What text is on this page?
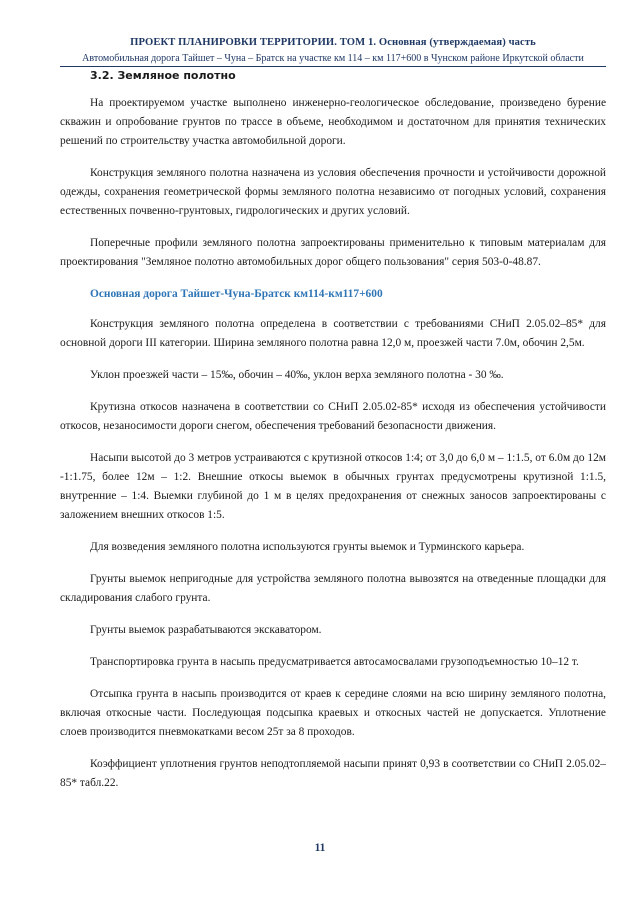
ПРОЕКТ ПЛАНИРОВКИ ТЕРРИТОРИИ. ТОМ 1. Основная (утверждаемая) часть
Автомобильная дорога Тайшет – Чуна – Братск на участке км 114 – км 117+600 в Чунском районе Иркутской области
3.2. Земляное полотно

На проектируемом участке выполнено инженерно-геологическое обследование, произведено бурение скважин и опробование грунтов по трассе в объеме, необходимом и достаточном для принятия технических решений по строительству участка автомобильной дороги.

Конструкция земляного полотна назначена из условия обеспечения прочности и устойчивости дорожной одежды, сохранения геометрической формы земляного полотна независимо от погодных условий, сохранения естественных почвенно-грунтовых, гидрологических и других условий.

Поперечные профили земляного полотна запроектированы применительно к типовым материалам для проектирования "Земляное полотно автомобильных дорог общего пользования" серия 503-0-48.87.

Основная дорога Тайшет-Чуна-Братск км114-км117+600

Конструкция земляного полотна определена в соответствии с требованиями СНиП 2.05.02–85* для основной дороги III категории. Ширина земляного полотна равна 12,0 м, проезжей части 7.0м, обочин 2,5м.

Уклон проезжей части – 15‰, обочин – 40‰, уклон верха земляного полотна - 30 ‰.

Крутизна откосов назначена в соответствии со СНиП 2.05.02-85* исходя из обеспечения устойчивости откосов, незаносимости дороги снегом, обеспечения требований безопасности движения.

Насыпи высотой до 3 метров устраиваются с крутизной откосов 1:4; от 3,0 до 6,0 м – 1:1.5, от 6.0м до 12м -1:1.75, более 12м – 1:2. Внешние откосы выемок в обычных грунтах предусмотрены крутизной 1:1.5, внутренние – 1:4. Выемки глубиной до 1 м в целях предохранения от снежных заносов запроектированы с заложением внешних откосов 1:5.

Для возведения земляного полотна используются грунты выемок и Турминского карьера.

Грунты выемок непригодные для устройства земляного полотна вывозятся на отведенные площадки для складирования слабого грунта.

Грунты выемок разрабатываются экскаватором.

Транспортировка грунта в насыпь предусматривается автосамосвалами грузоподъемностью 10–12 т.

Отсыпка грунта в насыпь производится от краев к середине слоями на всю ширину земляного полотна, включая откосные части. Последующая подсыпка краевых и откосных частей не допускается. Уплотнение слоев производится пневмокатками весом 25т за 8 проходов.

Коэффициент уплотнения грунтов неподтопляемой насыпи принят 0,93 в соответствии со СНиП 2.05.02–85* табл.22.

11
